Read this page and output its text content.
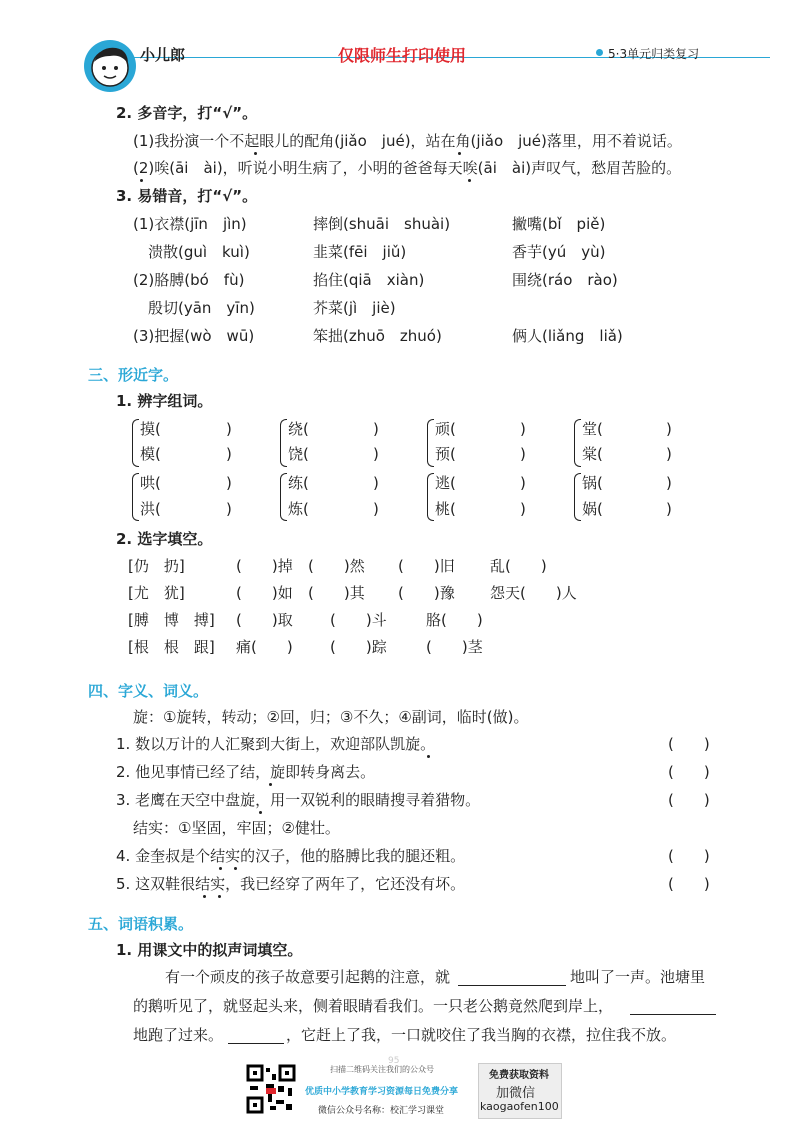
小儿郎	仅限师生打印使用	5·3单元归类复习
2. 多音字，打“√”。
(1)我扮演一个不起眼儿的配角(jiǎo　jué)，站在角(jiǎo　jué)落里，用不着说话。
(2)唉(āi　ài)，听说小明生病了，小明的爸爸每天唉(āi　ài)声叹气，愁眉苦脸的。
3. 易错音，打“√”。
(1)衣襟(jīn　jìn)	摔倒(shuāi　shuài)	撇嘴(bǐ　piě)
　溃散(guì　kuì)	韭菜(fēi　jiǔ)	香芋(yú　yù)
(2)胳膊(bó　fù)	掐住(qiā　xiàn)	围绕(ráo　rào)
　殷切(yān　yīn)	芥菜(jì　jiè)
(3)把握(wò　wū)	笨拙(zhuō　zhuó)	俩人(liǎng　liǎ)
三、形近字。
1. 辨字组词。
摸(	)
模(	)
绕(	)
饶(	)
顽(	)
预(	)
堂(	)
棠(	)
哄(	)
洪(	)
练(	)
炼(	)
逃(	)
桃(	)
锅(	)
娲(	)
2. 选字填空。
[仍　扔]	(　　)掉 (　　)然 (　　)旧 乱(　　)
[尤　犹]	(　　)如 (　　)其 (　　)豫 怨天(　　)人
[膊　博　搏] (　　)取 (　　)斗	胳(　　)
[根　根　跟] 痛(　　) (　　)踪	(　　)茎
四、字义、词义。
旋：①旋转，转动；②回，归；③不久；④副词，临时(做)。
1. 数以万计的人汇聚到大街上，欢迎部队凯旋。	(　　)
2. 他见事情已经了结，旋即转身离去。	(　　)
3. 老鹰在天空中盘旋，用一双锐利的眼睛搜寻着猎物。	(　　)
结实：①坚固，牢固；②健壮。
4. 金奎叔是个结实的汉子，他的胳膊比我的腿还粗。	(　　)
5. 这双鞋很结实，我已经穿了两年了，它还没有坏。	(　　)
五、词语积累。
1. 用课文中的拟声词填空。
有一个顽皮的孩子故意要引起鹅的注意，就	地叫了一声。池塘里
的鹅听见了，就竖起头来，侧着眼睛看我们。一只老公鹅竟然爬到岸上，
地跑了过来。	，它赶上了我，一口就咬住了我当胸的衣襟，拉住我不放。
扫描二维码关注我们的公众号
95
优质中小学教育学习资源每日免费分享
微信公众号名称：校汇学习课堂
免费获取资料
加微信
kaogaofen100
